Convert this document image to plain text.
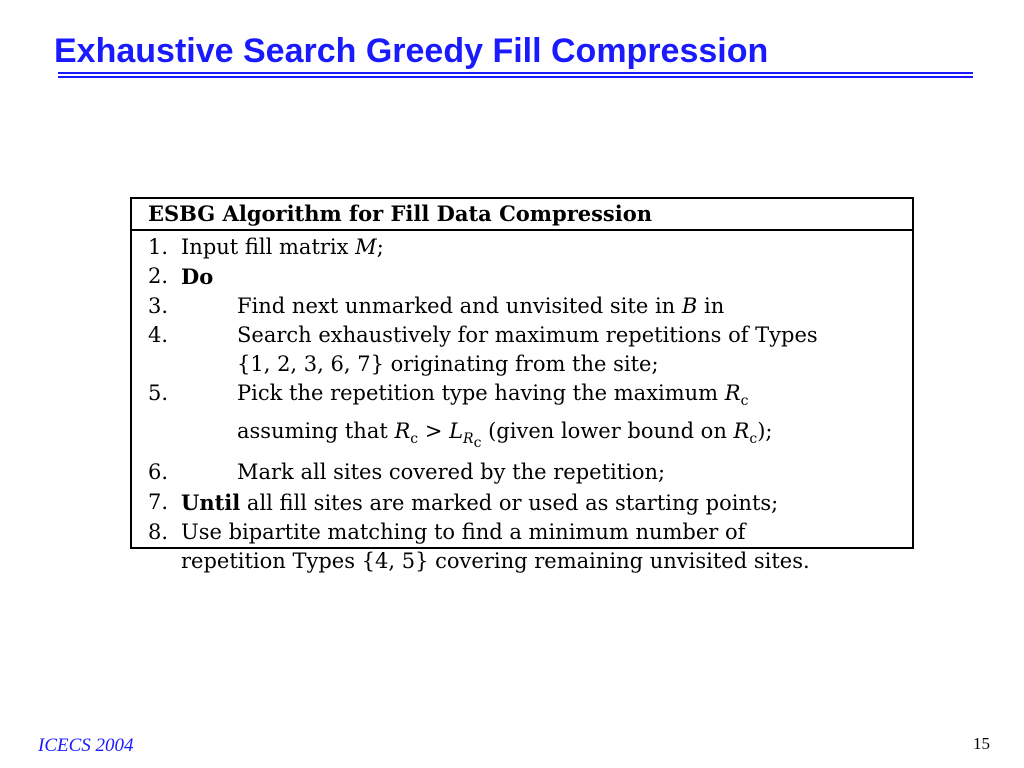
Exhaustive Search Greedy Fill Compression
ESBG Algorithm for Fill Data Compression
1. Input fill matrix M;
2. Do
3.	Find next unmarked and unvisited site in B in
4.	Search exhaustively for maximum repetitions of Types
{1, 2, 3, 6, 7} originating from the site;
5.	Pick the repetition type having the maximum $R_c$
assuming that $R_c > L_{R_c}$ (given lower bound on $R_c$);
6.	Mark all sites covered by the repetition;
7. Until all fill sites are marked or used as starting points;
8. Use bipartite matching to find a minimum number of
repetition Types {4, 5} covering remaining unvisited sites.
ICECS 2004	15
